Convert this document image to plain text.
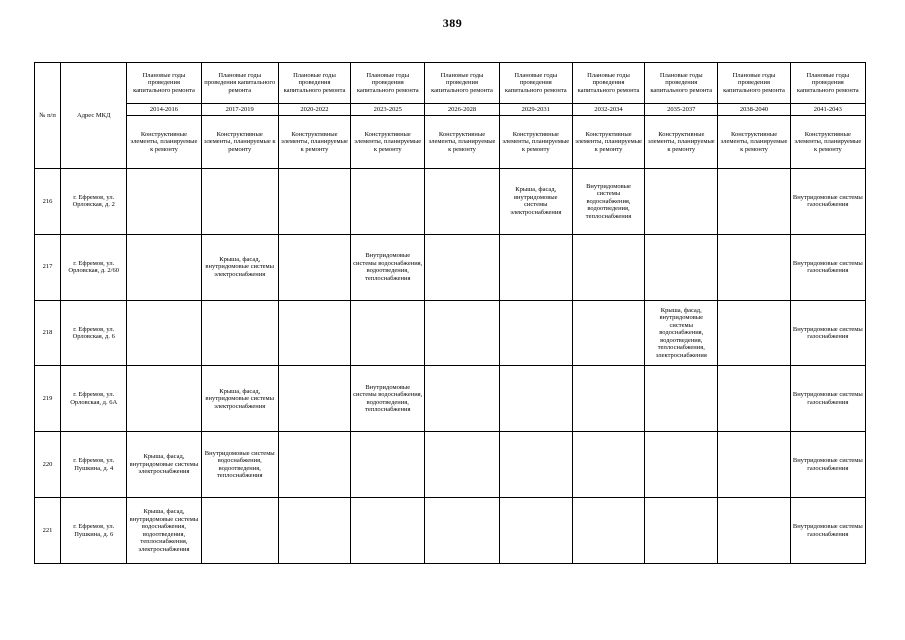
389
№ п/п	Адрес МКД	Плановые годы проведения капитального ремонта	Плановые годы проведения капитального ремонта	Плановые годы проведения капитального ремонта	Плановые годы проведения капитального ремонта	Плановые годы проведения капитального ремонта	Плановые годы проведения капитального ремонта	Плановые годы проведения капитального ремонта	Плановые годы проведения капитального ремонта	Плановые годы проведения капитального ремонта	Плановые годы проведения капитального ремонта
		2014-2016	2017-2019	2020-2022	2023-2025	2026-2028	2029-2031	2032-2034	2035-2037	2038-2040	2041-2043
		Конструктивные элементы, планируемые к ремонту	Конструктивные элементы, планируемые к ремонту	Конструктивные элементы, планируемые к ремонту	Конструктивные элементы, планируемые к ремонту	Конструктивные элементы, планируемые к ремонту	Конструктивные элементы, планируемые к ремонту	Конструктивные элементы, планируемые к ремонту	Конструктивные элементы, планируемые к ремонту	Конструктивные элементы, планируемые к ремонту	Конструктивные элементы, планируемые к ремонту
216	г. Ефремов, ул. Орловская, д. 2						Крыша, фасад, внутридомовые системы электроснабжения	Внутридомовые системы водоснабжения, водоотведения, теплоснабжения			Внутридомовые системы газоснабжения
217	г. Ефремов, ул. Орловская, д. 2/60		Крыша, фасад, внутридомовые системы электроснабжения		Внутридомовые системы водоснабжения, водоотведения, теплоснабжения						Внутридомовые системы газоснабжения
218	г. Ефремов, ул. Орловская, д. 6								Крыша, фасад, внутридомовые системы водоснабжения, водоотведения, теплоснабжения, электроснабжения		Внутридомовые системы газоснабжения
219	г. Ефремов, ул. Орловская, д. 6А		Крыша, фасад, внутридомовые системы электроснабжения		Внутридомовые системы водоснабжения, водоотведения, теплоснабжения						Внутридомовые системы газоснабжения
220	г. Ефремов, ул. Пушкина, д. 4	Крыша, фасад, внутридомовые системы электроснабжения	Внутридомовые системы водоснабжения, водоотведения, теплоснабжения								Внутридомовые системы газоснабжения
221	г. Ефремов, ул. Пушкина, д. 6	Крыша, фасад, внутридомовые системы водоснабжения, водоотведения, теплоснабжения, электроснабжения									Внутридомовые системы газоснабжения
